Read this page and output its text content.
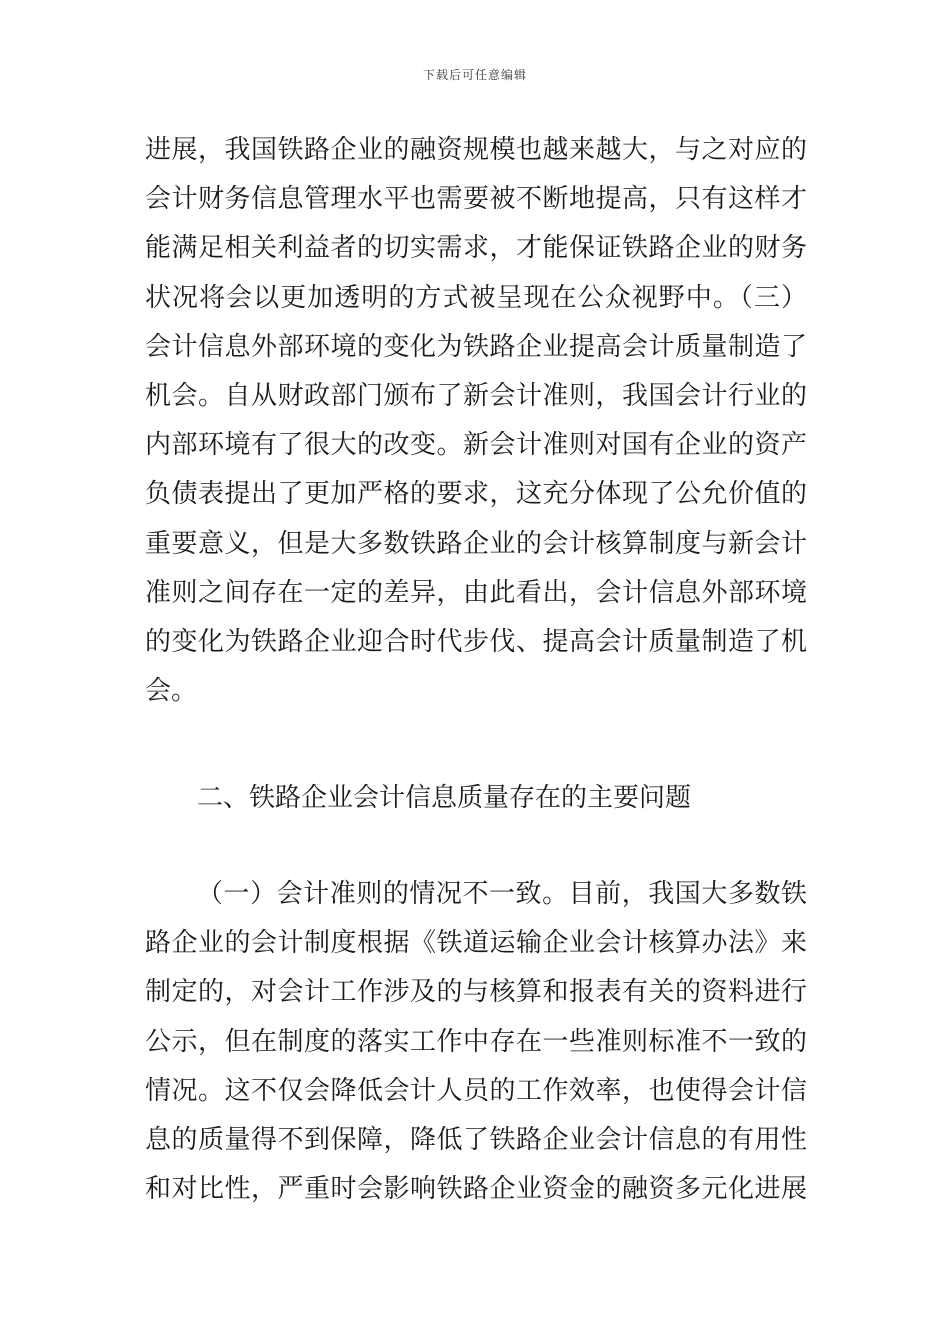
下载后可任意编辑
进展，我国铁路企业的融资规模也越来越大，与之对应的
会计财务信息管理水平也需要被不断地提高，只有这样才
能满足相关利益者的切实需求，才能保证铁路企业的财务
状况将会以更加透明的方式被呈现在公众视野中。（三）
会计信息外部环境的变化为铁路企业提高会计质量制造了
机会。自从财政部门颁布了新会计准则，我国会计行业的
内部环境有了很大的改变。新会计准则对国有企业的资产
负债表提出了更加严格的要求，这充分体现了公允价值的
重要意义，但是大多数铁路企业的会计核算制度与新会计
准则之间存在一定的差异，由此看出，会计信息外部环境
的变化为铁路企业迎合时代步伐、提高会计质量制造了机
会。
二、铁路企业会计信息质量存在的主要问题
（一）会计准则的情况不一致。目前，我国大多数铁
路企业的会计制度根据《铁道运输企业会计核算办法》来
制定的，对会计工作涉及的与核算和报表有关的资料进行
公示，但在制度的落实工作中存在一些准则标准不一致的
情况。这不仅会降低会计人员的工作效率，也使得会计信
息的质量得不到保障，降低了铁路企业会计信息的有用性
和对比性，严重时会影响铁路企业资金的融资多元化进展
